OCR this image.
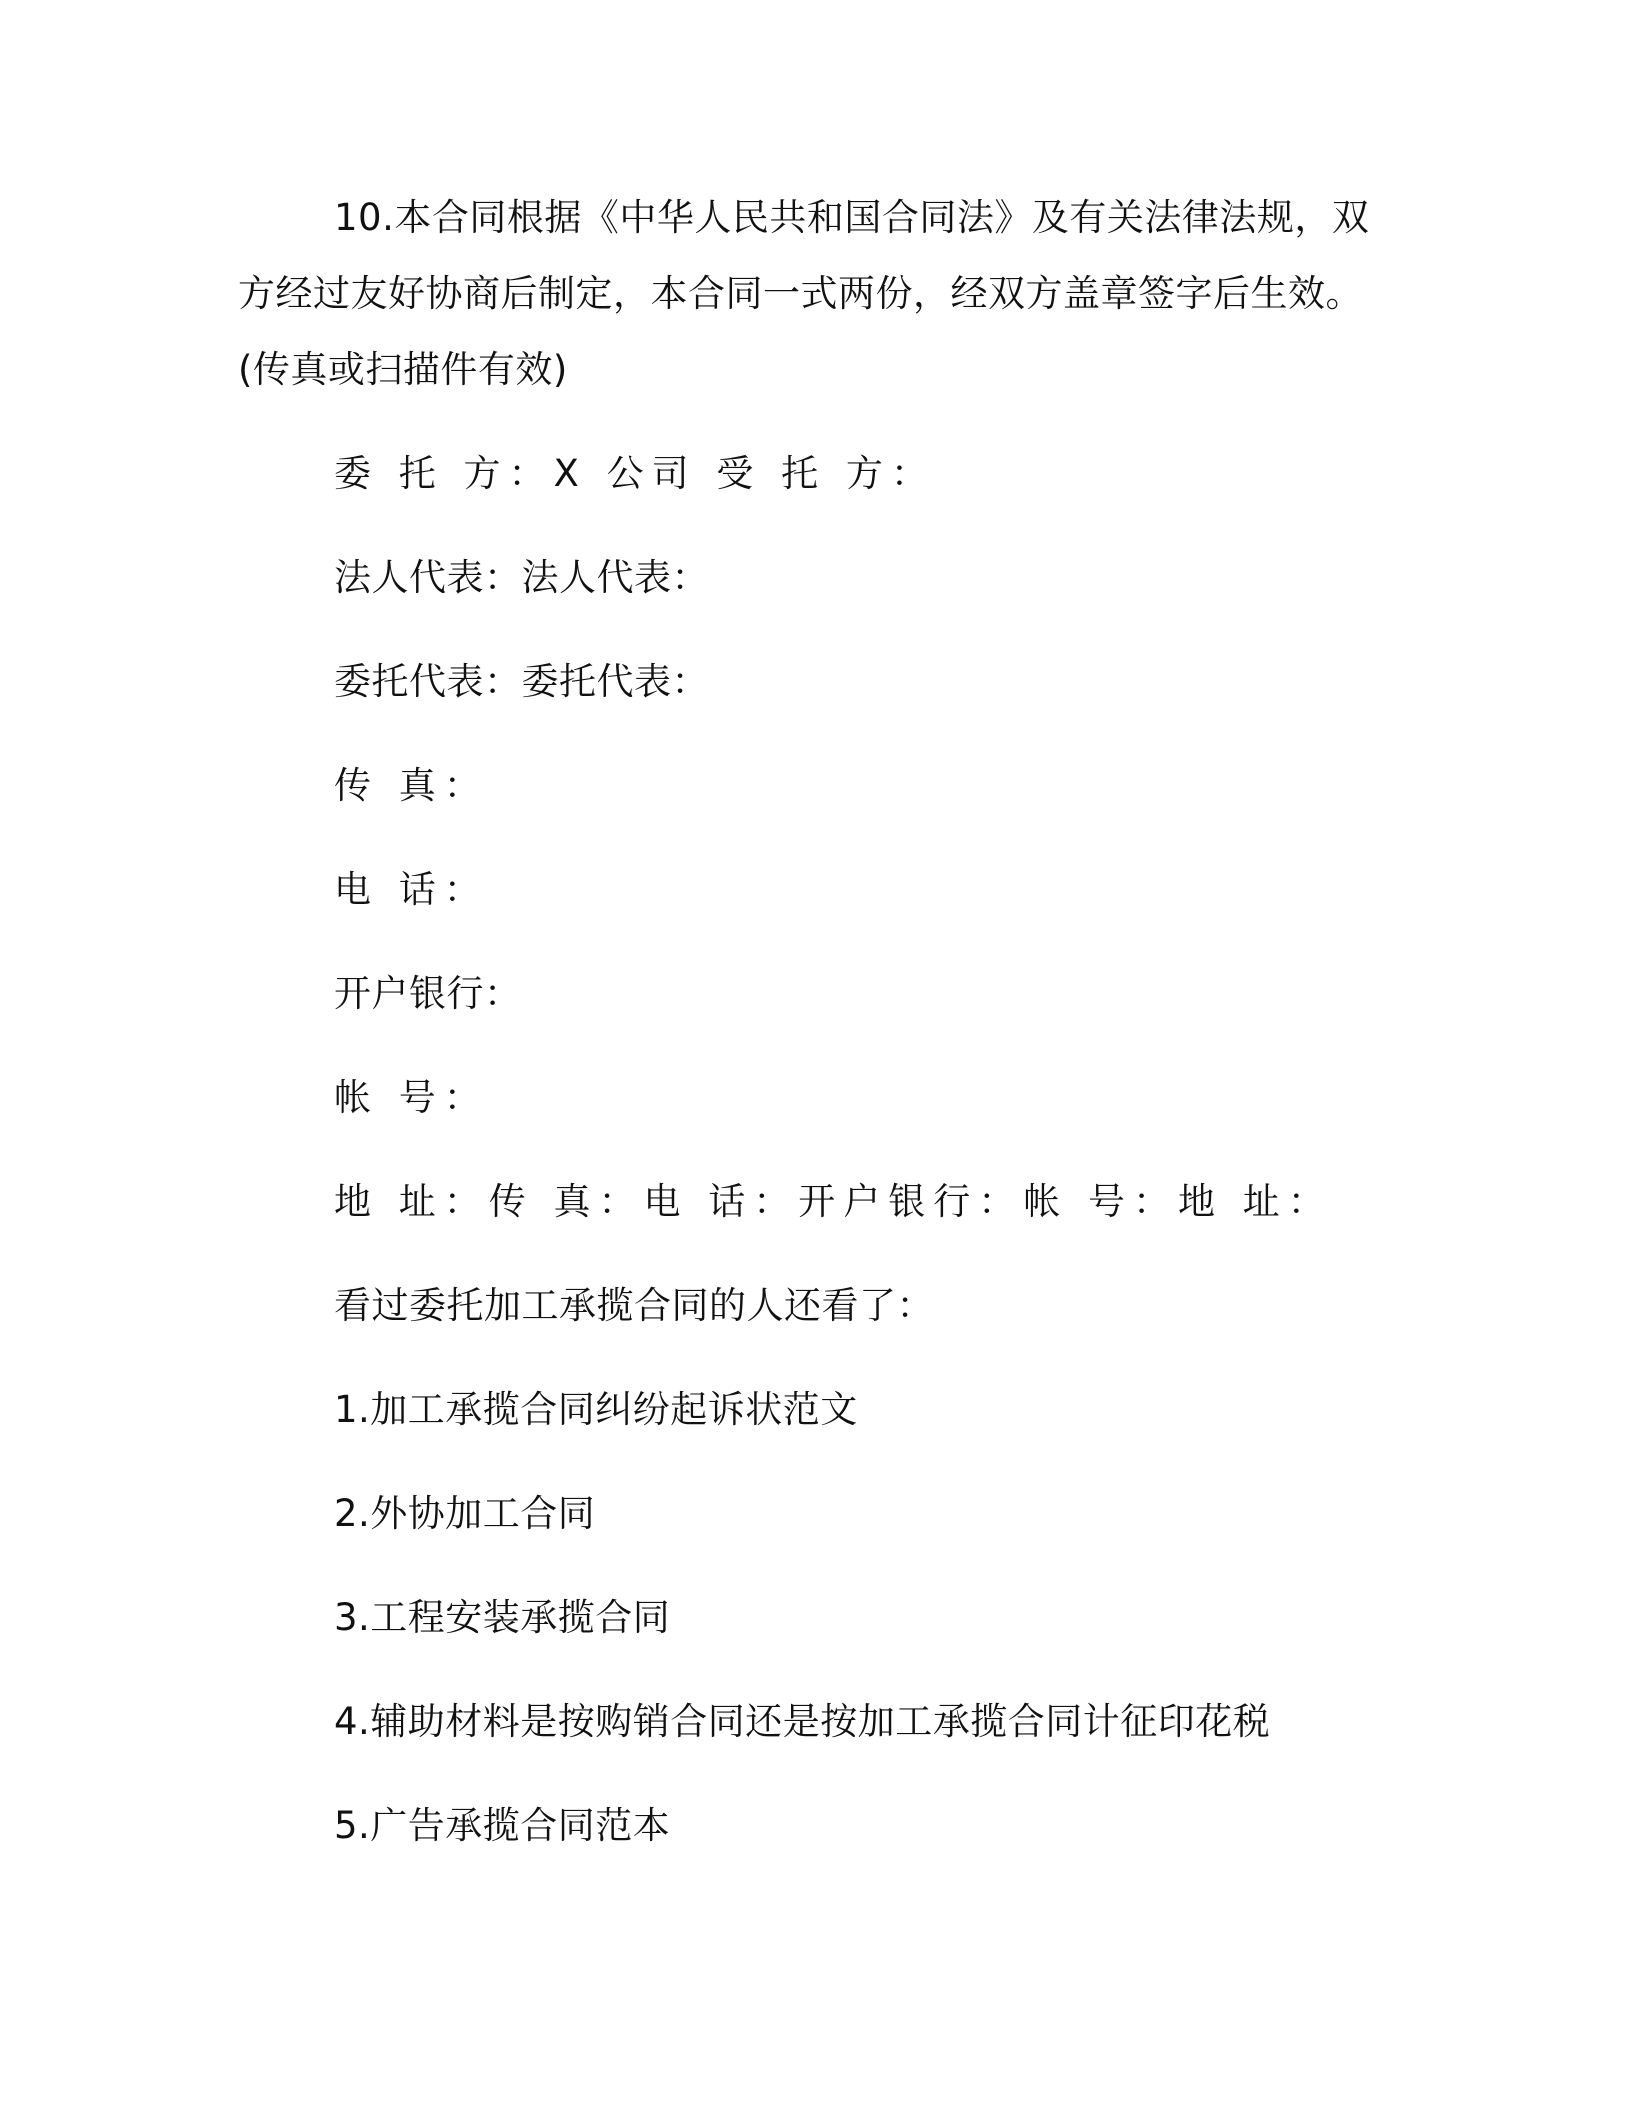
10.本合同根据《中华人民共和国合同法》及有关法律法规，双
方经过友好协商后制定，本合同一式两份，经双方盖章签字后生效。
(传真或扫描件有效)
委 托 方：X 公司 受 托 方：
法人代表：法人代表：
委托代表：委托代表：
传 真：
电 话：
开户银行：
帐 号：
地 址：传 真：电 话：开户银行：帐 号：地 址：
看过委托加工承揽合同的人还看了：
1.加工承揽合同纠纷起诉状范文
2.外协加工合同
3.工程安装承揽合同
4.辅助材料是按购销合同还是按加工承揽合同计征印花税
5.广告承揽合同范本
